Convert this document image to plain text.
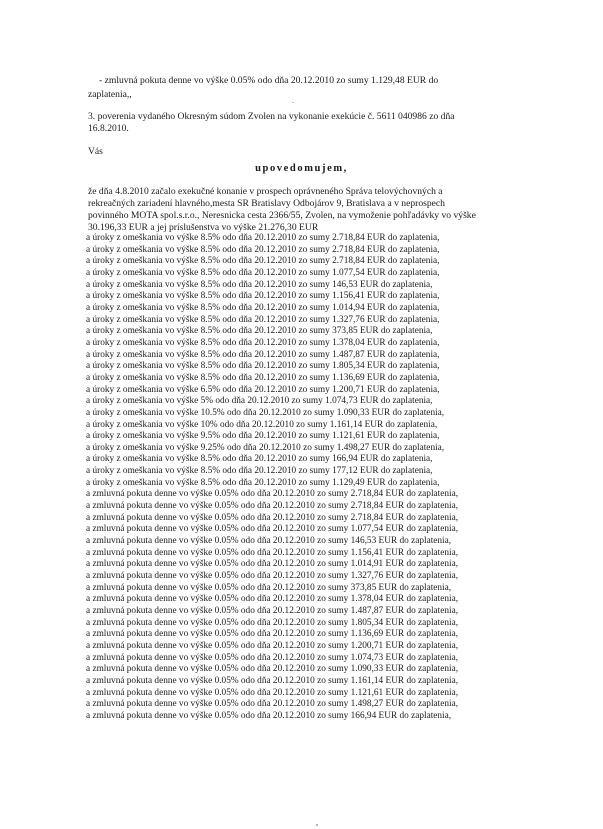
- zmluvná pokuta denne vo výške 0.05% odo dňa 20.12.2010 zo sumy 1.129,48 EUR do
zaplatenia,,
.
3. poverenia vydaného Okresným súdom Zvolen na vykonanie exekúcie č. 5611 040986 zo dňa
16.8.2010.
Vás
upovedomujem,
že dňa 4.8.2010 začalo exekučné konanie v prospech oprávneného Správa telovýchovných a
rekreačných zariadení hlavného,mesta SR Bratislavy Odbojárov 9, Bratislava a v neprospech
povinného MOTA spol.s.r.o., Neresnicka cesta 2366/55, Zvolen, na vymoženie pohľadávky vo výške
30.196,33 EUR a jej príslušenstva vo výške 21.276,30 EUR
a úroky z omeškania vo výške 8.5% odo dňa 20.12.2010 zo sumy 2.718,84 EUR do zaplatenia,
a úroky z omeškania vo výške 8.5% odo dňa 20.12.2010 zo sumy 2.718,84 EUR do zaplatenia,
a úroky z omeškania vo výške 8.5% odo dňa 20.12.2010 zo sumy 2.718,84 EUR do zaplatenia,
a úroky z omeškania vo výške 8.5% odo dňa 20.12.2010 zo sumy 1.077,54 EUR do zaplatenia,
a úroky z omeškania vo výške 8.5% odo dňa 20.12.2010 zo sumy 146,53 EUR do zaplatenia,
a úroky z omeškania vo výške 8.5% odo dňa 20.12.2010 zo sumy 1.156,41 EUR do zaplatenia,
a úroky z omeškania vo výške 8.5% odo dňa 20.12.2010 zo sumy 1.014,94 EUR do zaplatenia,
a úroky z omeškania vo výške 8.5% odo dňa 20.12.2010 zo sumy 1.327,76 EUR do zaplatenia,
a úroky z omeškania vo výške 8.5% odo dňa 20.12.2010 zo sumy 373,85 EUR do zaplatenia,
a úroky z omeškania vo výške 8.5% odo dňa 20.12.2010 zo sumy 1.378,04 EUR do zaplatenia,
a úroky z omeškania vo výške 8.5% odo dňa 20.12.2010 zo sumy 1.487,87 EUR do zaplatenia,
a úroky z omeškania vo výške 8.5% odo dňa 20.12.2010 zo sumy 1.805,34 EUR do zaplatenia,
a úroky z omeškania vo výške 8.5% odo dňa 20.12.2010 zo sumy 1.136,69 EUR do zaplatenia,
a úroky z omeškania vo výške 6.5% odo dňa 20.12.2010 zo sumy 1.200,71 EUR do zaplatenia,
a úroky z omeškania vo výške 5% odo dňa 20.12.2010 zo sumy 1.074,73 EUR do zaplatenia,
a úroky z omeškania vo výške 10.5% odo dňa 20.12.2010 zo sumy 1.090,33 EUR do zaplatenia,
a úroky z omeškania vo výške 10% odo dňa 20.12.2010 zo sumy 1.161,14 EUR do zaplatenia,
a úroky z omeškania vo výške 9.5% odo dňa 20.12.2010 zo sumy 1.121,61 EUR do zaplatenia,
a úroky z omeškania vo výške 9.25% odo dňa 20.12.2010 zo sumy 1.498,27 EUR do zaplatenia,
a úroky z omeškania vo výške 8.5% odo dňa 20.12.2010 zo sumy 166,94 EUR do zaplatenia,
a úroky z omeškania vo výške 8.5% odo dňa 20.12.2010 zo sumy 177,12 EUR do zaplatenia,
a úroky z omeškania vo výške 8.5% odo dňa 20.12.2010 zo sumy 1.129,49 EUR do zaplatenia,
a zmluvná pokuta denne vo výške 0.05% odo dňa 20.12.2010 zo sumy 2.718,84 EUR do zaplatenia,
a zmluvná pokuta denne vo výške 0.05% odo dňa 20.12.2010 zo sumy 2.718,84 EUR do zaplatenia,
a zmluvná pokuta denne vo výške 0.05% odo dňa 20.12.2010 zo sumy 2.718,84 EUR do zaplatenia,
a zmluvná pokuta denne vo výške 0.05% odo dňa 20.12.2010 zo sumy 1.077,54 EUR do zaplatenia,
a zmluvná pokuta denne vo výške 0.05% odo dňa 20.12.2010 zo sumy 146,53 EUR do zaplatenia,
a zmluvná pokuta denne vo výške 0.05% odo dňa 20.12.2010 zo sumy 1.156,41 EUR do zaplatenia,
a zmluvná pokuta denne vo výške 0.05% odo dňa 20.12.2010 zo sumy 1.014,91 EUR do zaplatenia,
a zmluvná pokuta denne vo výške 0.05% odo dňa 20.12.2010 zo sumy 1.327,76 EUR do zaplatenia,
a zmluvná pokuta denne vo výške 0.05% odo dňa 20.12.2010 zo sumy 373,85 EUR do zaplatenia,
a zmluvná pokuta denne vo výške 0.05% odo dňa 20.12.2010 zo sumy 1.378,04 EUR do zaplatenia,
a zmluvná pokuta denne vo výške 0.05% odo dňa 20.12.2010 zo sumy 1.487,87 EUR do zaplatenia,
a zmluvná pokuta denne vo výške 0.05% odo dňa 20.12.2010 zo sumy 1.805,34 EUR do zaplatenia,
a zmluvná pokuta denne vo výške 0.05% odo dňa 20.12.2010 zo sumy 1.136,69 EUR do zaplatenia,
a zmluvná pokuta denne vo výške 0.05% odo dňa 20.12.2010 zo sumy 1.200,71 EUR do zaplatenia,
a zmluvná pokuta denne vo výške 0.05% odo dňa 20.12.2010 zo sumy 1.074,73 EUR do zaplatenia,
a zmluvná pokuta denne vo výške 0.05% odo dňa 20.12.2010 zo sumy 1.090,33 EUR do zaplatenia,
a zmluvná pokuta denne vo výške 0.05% odo dňa 20.12.2010 zo sumy 1.161,14 EUR do zaplatenia,
a zmluvná pokuta denne vo výške 0.05% odo dňa 20.12.2010 zo sumy 1.121,61 EUR do zaplatenia,
a zmluvná pokuta denne vo výške 0.05% odo dňa 20.12.2010 zo sumy 1.498,27 EUR do zaplatenia,
a zmluvná pokuta denne vo výške 0.05% odo dňa 20.12.2010 zo sumy 166,94 EUR do zaplatenia,
